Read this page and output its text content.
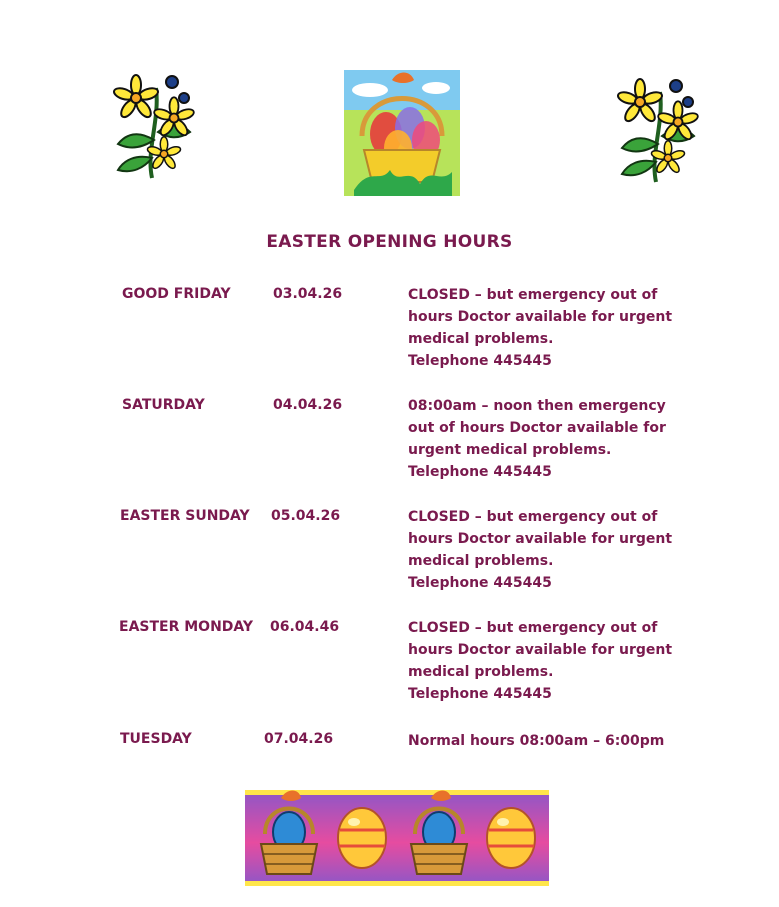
EASTER OPENING HOURS
GOOD FRIDAY	03.04.26	CLOSED – but emergency out of
hours Doctor available for urgent
medical problems.
Telephone 445445
SATURDAY	04.04.26	08:00am – noon then emergency
out of hours Doctor available for
urgent medical problems.
Telephone 445445
EASTER SUNDAY 05.04.26	CLOSED – but emergency out of
hours Doctor available for urgent
medical problems.
Telephone 445445
EASTER MONDAY 06.04.46	CLOSED – but emergency out of
hours Doctor available for urgent
medical problems.
Telephone 445445
TUESDAY	07.04.26	Normal hours 08:00am – 6:00pm
